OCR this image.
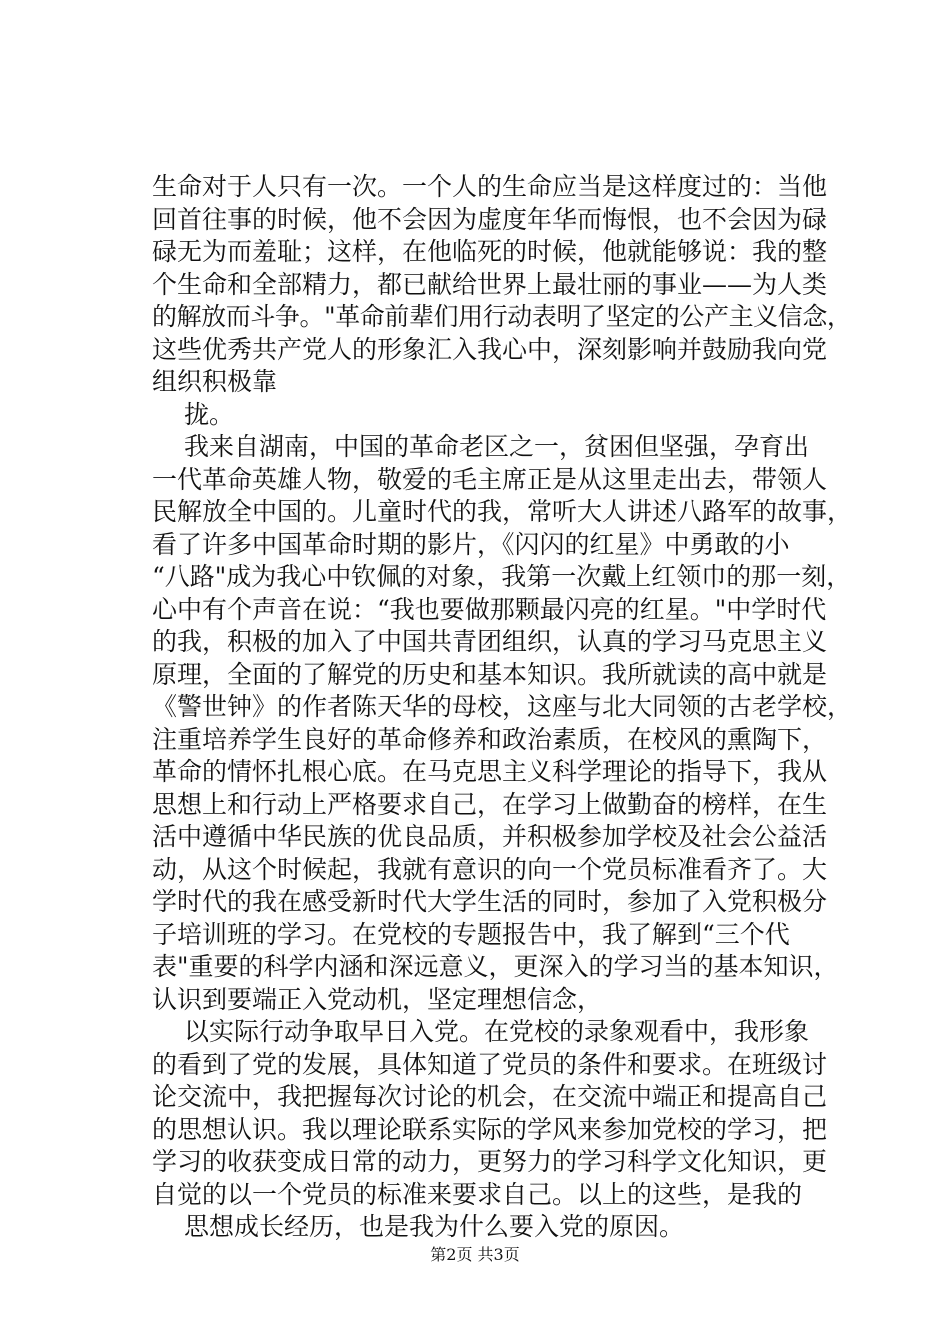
生命对于人只有一次。一个人的生命应当是这样度过的：当他
回首往事的时候，他不会因为虚度年华而悔恨，也不会因为碌
碌无为而羞耻；这样，在他临死的时候，他就能够说：我的整
个生命和全部精力，都已献给世界上最壮丽的事业——为人类
的解放而斗争。"革命前辈们用行动表明了坚定的公产主义信念，
这些优秀共产党人的形象汇入我心中，深刻影响并鼓励我向党
组织积极靠
拢。
我来自湖南，中国的革命老区之一，贫困但坚强，孕育出
一代革命英雄人物，敬爱的毛主席正是从这里走出去，带领人
民解放全中国的。儿童时代的我，常听大人讲述八路军的故事，
看了许多中国革命时期的影片，《闪闪的红星》中勇敢的小
“八路"成为我心中钦佩的对象，我第一次戴上红领巾的那一刻，
心中有个声音在说：“我也要做那颗最闪亮的红星。"中学时代
的我，积极的加入了中国共青团组织，认真的学习马克思主义
原理，全面的了解党的历史和基本知识。我所就读的高中就是
《警世钟》的作者陈天华的母校，这座与北大同领的古老学校，
注重培养学生良好的革命修养和政治素质，在校风的熏陶下，
革命的情怀扎根心底。在马克思主义科学理论的指导下，我从
思想上和行动上严格要求自己，在学习上做勤奋的榜样，在生
活中遵循中华民族的优良品质，并积极参加学校及社会公益活
动，从这个时候起，我就有意识的向一个党员标准看齐了。大
学时代的我在感受新时代大学生活的同时，参加了入党积极分
子培训班的学习。在党校的专题报告中，我了解到“三个代
表"重要的科学内涵和深远意义，更深入的学习当的基本知识，
认识到要端正入党动机，坚定理想信念，
以实际行动争取早日入党。在党校的录象观看中，我形象
的看到了党的发展，具体知道了党员的条件和要求。在班级讨
论交流中，我把握每次讨论的机会，在交流中端正和提高自己
的思想认识。我以理论联系实际的学风来参加党校的学习，把
学习的收获变成日常的动力，更努力的学习科学文化知识，更
自觉的以一个党员的标准来要求自己。以上的这些，是我的
思想成长经历，也是我为什么要入党的原因。
第2页 共3页
